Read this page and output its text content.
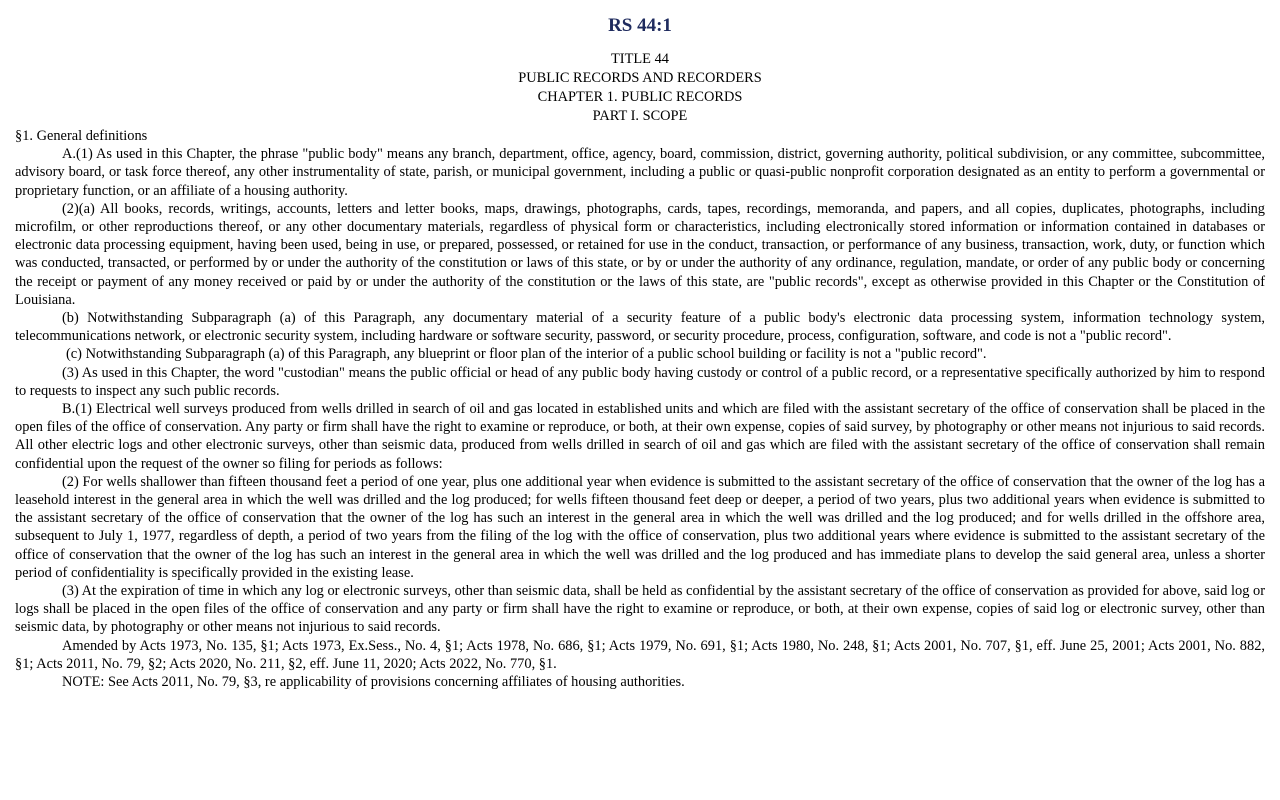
RS 44:1
TITLE 44
PUBLIC RECORDS AND RECORDERS
CHAPTER 1. PUBLIC RECORDS
PART I. SCOPE
§1. General definitions

A.(1) As used in this Chapter, the phrase "public body" means any branch, department, office, agency, board, commission, district, governing authority, political subdivision, or any committee, subcommittee, advisory board, or task force thereof, any other instrumentality of state, parish, or municipal government, including a public or quasi-public nonprofit corporation designated as an entity to perform a governmental or proprietary function, or an affiliate of a housing authority.

(2)(a) All books, records, writings, accounts, letters and letter books, maps, drawings, photographs, cards, tapes, recordings, memoranda, and papers, and all copies, duplicates, photographs, including microfilm, or other reproductions thereof, or any other documentary materials, regardless of physical form or characteristics, including electronically stored information or information contained in databases or electronic data processing equipment, having been used, being in use, or prepared, possessed, or retained for use in the conduct, transaction, or performance of any business, transaction, work, duty, or function which was conducted, transacted, or performed by or under the authority of the constitution or laws of this state, or by or under the authority of any ordinance, regulation, mandate, or order of any public body or concerning the receipt or payment of any money received or paid by or under the authority of the constitution or the laws of this state, are "public records", except as otherwise provided in this Chapter or the Constitution of Louisiana.

(b) Notwithstanding Subparagraph (a) of this Paragraph, any documentary material of a security feature of a public body's electronic data processing system, information technology system, telecommunications network, or electronic security system, including hardware or software security, password, or security procedure, process, configuration, software, and code is not a "public record".

(c) Notwithstanding Subparagraph (a) of this Paragraph, any blueprint or floor plan of the interior of a public school building or facility is not a "public record".

(3) As used in this Chapter, the word "custodian" means the public official or head of any public body having custody or control of a public record, or a representative specifically authorized by him to respond to requests to inspect any such public records.

B.(1) Electrical well surveys produced from wells drilled in search of oil and gas located in established units and which are filed with the assistant secretary of the office of conservation shall be placed in the open files of the office of conservation. Any party or firm shall have the right to examine or reproduce, or both, at their own expense, copies of said survey, by photography or other means not injurious to said records. All other electric logs and other electronic surveys, other than seismic data, produced from wells drilled in search of oil and gas which are filed with the assistant secretary of the office of conservation shall remain confidential upon the request of the owner so filing for periods as follows:

(2) For wells shallower than fifteen thousand feet a period of one year, plus one additional year when evidence is submitted to the assistant secretary of the office of conservation that the owner of the log has a leasehold interest in the general area in which the well was drilled and the log produced; for wells fifteen thousand feet deep or deeper, a period of two years, plus two additional years when evidence is submitted to the assistant secretary of the office of conservation that the owner of the log has such an interest in the general area in which the well was drilled and the log produced; and for wells drilled in the offshore area, subsequent to July 1, 1977, regardless of depth, a period of two years from the filing of the log with the office of conservation, plus two additional years where evidence is submitted to the assistant secretary of the office of conservation that the owner of the log has such an interest in the general area in which the well was drilled and the log produced and has immediate plans to develop the said general area, unless a shorter period of confidentiality is specifically provided in the existing lease.

(3) At the expiration of time in which any log or electronic surveys, other than seismic data, shall be held as confidential by the assistant secretary of the office of conservation as provided for above, said log or logs shall be placed in the open files of the office of conservation and any party or firm shall have the right to examine or reproduce, or both, at their own expense, copies of said log or electronic survey, other than seismic data, by photography or other means not injurious to said records.

Amended by Acts 1973, No. 135, §1; Acts 1973, Ex.Sess., No. 4, §1; Acts 1978, No. 686, §1; Acts 1979, No. 691, §1; Acts 1980, No. 248, §1; Acts 2001, No. 707, §1, eff. June 25, 2001; Acts 2001, No. 882, §1; Acts 2011, No. 79, §2; Acts 2020, No. 211, §2, eff. June 11, 2020; Acts 2022, No. 770, §1.

NOTE: See Acts 2011, No. 79, §3, re applicability of provisions concerning affiliates of housing authorities.
